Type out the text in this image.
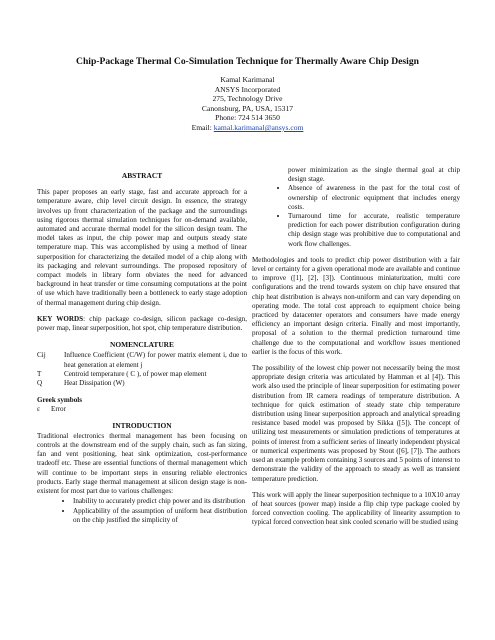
Chip-Package Thermal Co-Simulation Technique for Thermally Aware Chip Design
Kamal Karimanal
ANSYS Incorporated
275, Technology Drive
Canonsburg, PA, USA, 15317
Phone: 724 514 3650
Email: kamal.karimanal@ansys.com
ABSTRACT

This paper proposes an early stage, fast and accurate approach for a temperature aware, chip level circuit design. In essence, the strategy involves up front characterization of the package and the surroundings using rigorous thermal simulation techniques for on-demand available, automated and accurate thermal model for the silicon design team. The model takes as input, the chip power map and outputs steady state temperature map. This was accomplished by using a method of linear superposition for characterizing the detailed model of a chip along with its packaging and relevant surroundings. The proposed repository of compact models in library form obviates the need for advanced background in heat transfer or time consuming computations at the point of use which have traditionally been a bottleneck to early stage adoption of thermal management during chip design.

KEY WORDS: chip package co-design, silicon package co-design, power map, linear superposition, hot spot, chip temperature distribution.

NOMENCLATURE
Cij	Influence Coefficient (C/W) for power matrix element i, due to heat generation at element j
T	Centroid temperature ( C ), of power map element
Q	Heat Dissipation (W)
Greek symbols
ε	Error
INTRODUCTION

Traditional electronics thermal management has been focusing on controls at the downstream end of the supply chain, such as fan sizing, fan and vent positioning, heat sink optimization, cost-performance tradeoff etc. These are essential functions of thermal management which will continue to be important steps in ensuring reliable electronics products. Early stage thermal management at silicon design stage is non-existent for most part due to various challenges:

• Inability to accurately predict chip power and its distribution
• Applicability of the assumption of uniform heat distribution on the chip justified the simplicity of
power minimization as the single thermal goal at chip design stage.
• Absence of awareness in the past for the total cost of ownership of electronic equipment that includes energy costs.
• Turnaround time for accurate, realistic temperature prediction for each power distribution configuration during chip design stage was prohibitive due to computational and work flow challenges.

Methodologies and tools to predict chip power distribution with a fair level or certainty for a given operational mode are available and continue to improve ([1], [2], [3]). Continuous miniaturization, multi core configurations and the trend towards system on chip have ensured that chip heat distribution is always non-uniform and can vary depending on operating mode. The total cost approach to equipment choice being practiced by datacenter operators and consumers have made energy efficiency an important design criteria. Finally and most importantly, proposal of a solution to the thermal prediction turnaround time challenge due to the computational and workflow issues mentioned earlier is the focus of this work.

The possibility of the lowest chip power not necessarily being the most appropriate design criteria was articulated by Hamman et al [4]). This work also used the principle of linear superposition for estimating power distribution from IR camera readings of temperature distribution. A technique for quick estimation of steady state chip temperature distribution using linear superposition approach and analytical spreading resistance based model was proposed by Sikka ([5]). The concept of utilizing test measurements or simulation predictions of temperatures at points of interest from a sufficient series of linearly independent physical or numerical experiments was proposed by Stout ([6], [7]). The authors used an example problem containing 3 sources and 5 points of interest to demonstrate the validity of the approach to steady as well as transient temperature prediction.

This work will apply the linear superposition technique to a 10X10 array of heat sources (power map) inside a flip chip type package cooled by forced convection cooling. The applicability of linearity assumption to typical forced convection heat sink cooled scenario will be studied using
